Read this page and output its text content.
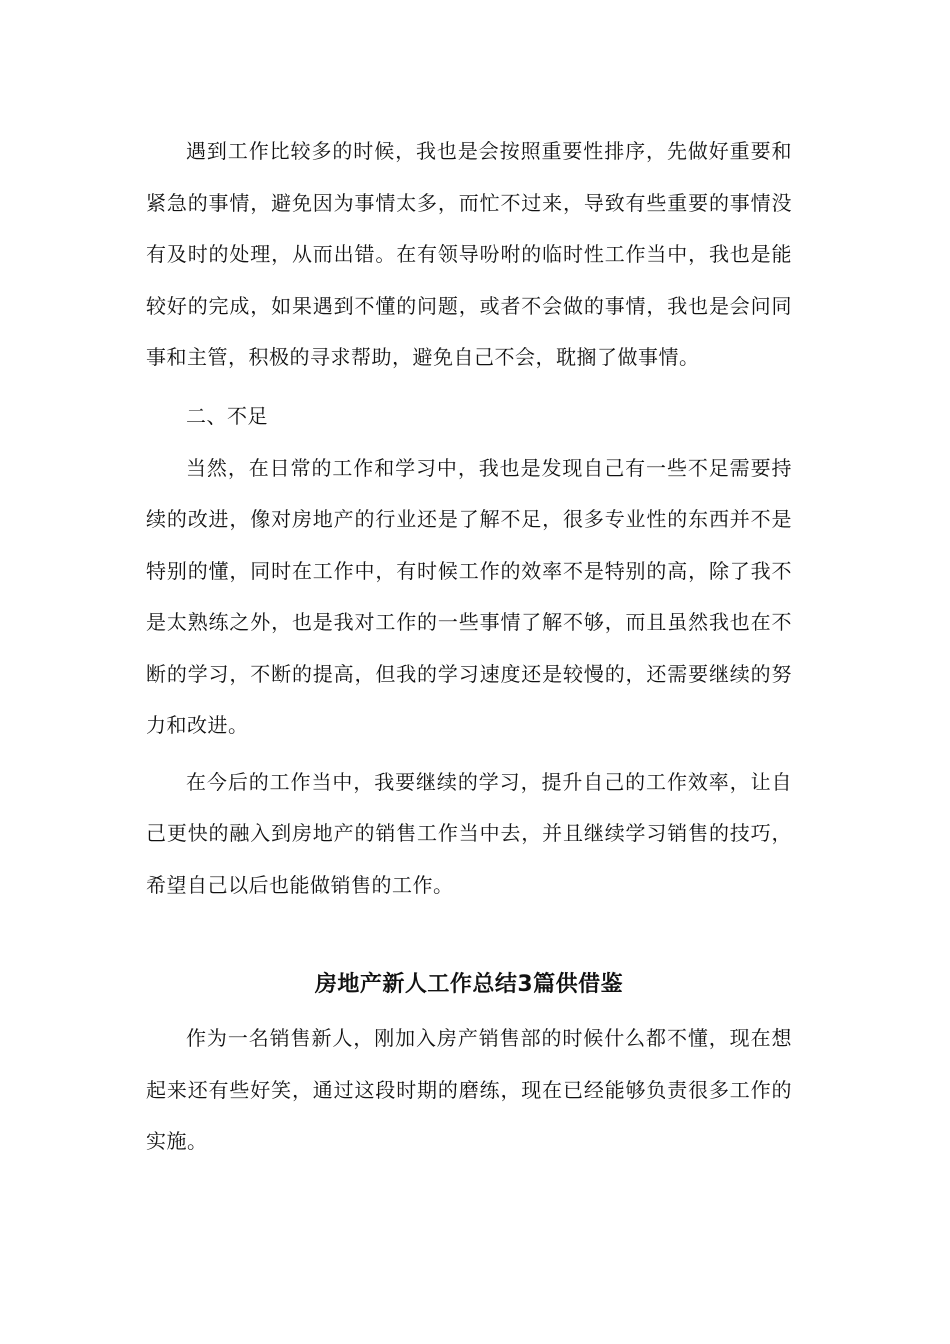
遇到工作比较多的时候，我也是会按照重要性排序，先做好重要和紧急的事情，避免因为事情太多，而忙不过来，导致有些重要的事情没有及时的处理，从而出错。在有领导吩咐的临时性工作当中，我也是能较好的完成，如果遇到不懂的问题，或者不会做的事情，我也是会问同事和主管，积极的寻求帮助，避免自己不会，耽搁了做事情。

二、不足

当然，在日常的工作和学习中，我也是发现自己有一些不足需要持续的改进，像对房地产的行业还是了解不足，很多专业性的东西并不是特别的懂，同时在工作中，有时候工作的效率不是特别的高，除了我不是太熟练之外，也是我对工作的一些事情了解不够，而且虽然我也在不断的学习，不断的提高，但我的学习速度还是较慢的，还需要继续的努力和改进。

在今后的工作当中，我要继续的学习，提升自己的工作效率，让自己更快的融入到房地产的销售工作当中去，并且继续学习销售的技巧，希望自己以后也能做销售的工作。

房地产新人工作总结3篇供借鉴

作为一名销售新人，刚加入房产销售部的时候什么都不懂，现在想起来还有些好笑，通过这段时期的磨练，现在已经能够负责很多工作的实施。
